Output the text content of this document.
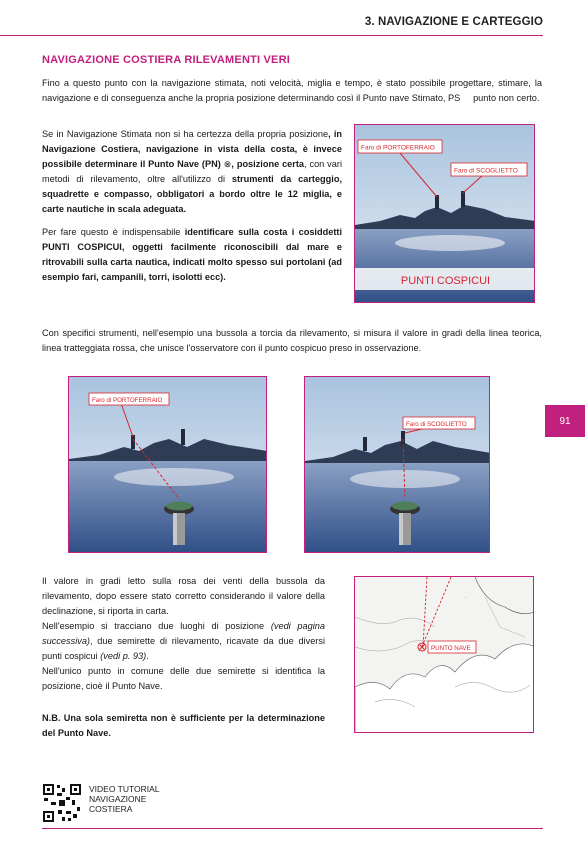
3. NAVIGAZIONE E CARTEGGIO
NAVIGAZIONE COSTIERA RILEVAMENTI VERI
Fino a questo punto con la navigazione stimata, noti velocità, miglia e tempo, è stato possibile progettare, stimare, la navigazione e di conseguenza anche la propria posizione determinando così il Punto nave Stimato, PS     punto non certo.

Se in Navigazione Stimata non si ha certezza della propria posizione, in Navigazione Costiera, navigazione in vista della costa, è invece possibile determinare il Punto Nave (PN) ⊗, posizione certa, con vari metodi di rilevamento, oltre all'utilizzo di strumenti da carteggio, squadrette e compasso, obbligatori a bordo oltre le 12 miglia, e carte nautiche in scala adeguata.

Per fare questo è indispensabile identificare sulla costa i cosiddetti PUNTI COSPICUI, oggetti facilmente riconoscibili dal mare e ritrovabili sulla carta nautica, indicati molto spesso sui portolani (ad esempio fari, campanili, torri, isolotti ecc).

Faro di PORTOFERRAIO
Faro di SCOGLIETTO
PUNTI COSPICUI
Con specifici strumenti, nell'esempio una bussola a torcia da rilevamento, si misura il valore in gradi della linea teorica, linea tratteggiata rossa, che unisce l'osservatore con il punto cospicuo preso in osservazione.
Faro di PORTOFERRAIO
Faro di SCOGLIETTO

Il valore in gradi letto sulla rosa dei venti della bussola da rilevamento, dopo essere stato corretto considerando il valore della declinazione, si riporta in carta.

Nell'esempio si tracciano due luoghi di posizione (vedi pagina successiva), due semirette di rilevamento, ricavate da due diversi punti cospicui (vedi p. 93).

Nell'unico punto in comune delle due semirette si identifica la posizione, cioè il Punto Nave.

N.B. Una sola semiretta non è sufficiente per la determinazione del Punto Nave.
·
PUNTO NAVE
91
VIDEO TUTORIAL
NAVIGAZIONE
COSTIERA
